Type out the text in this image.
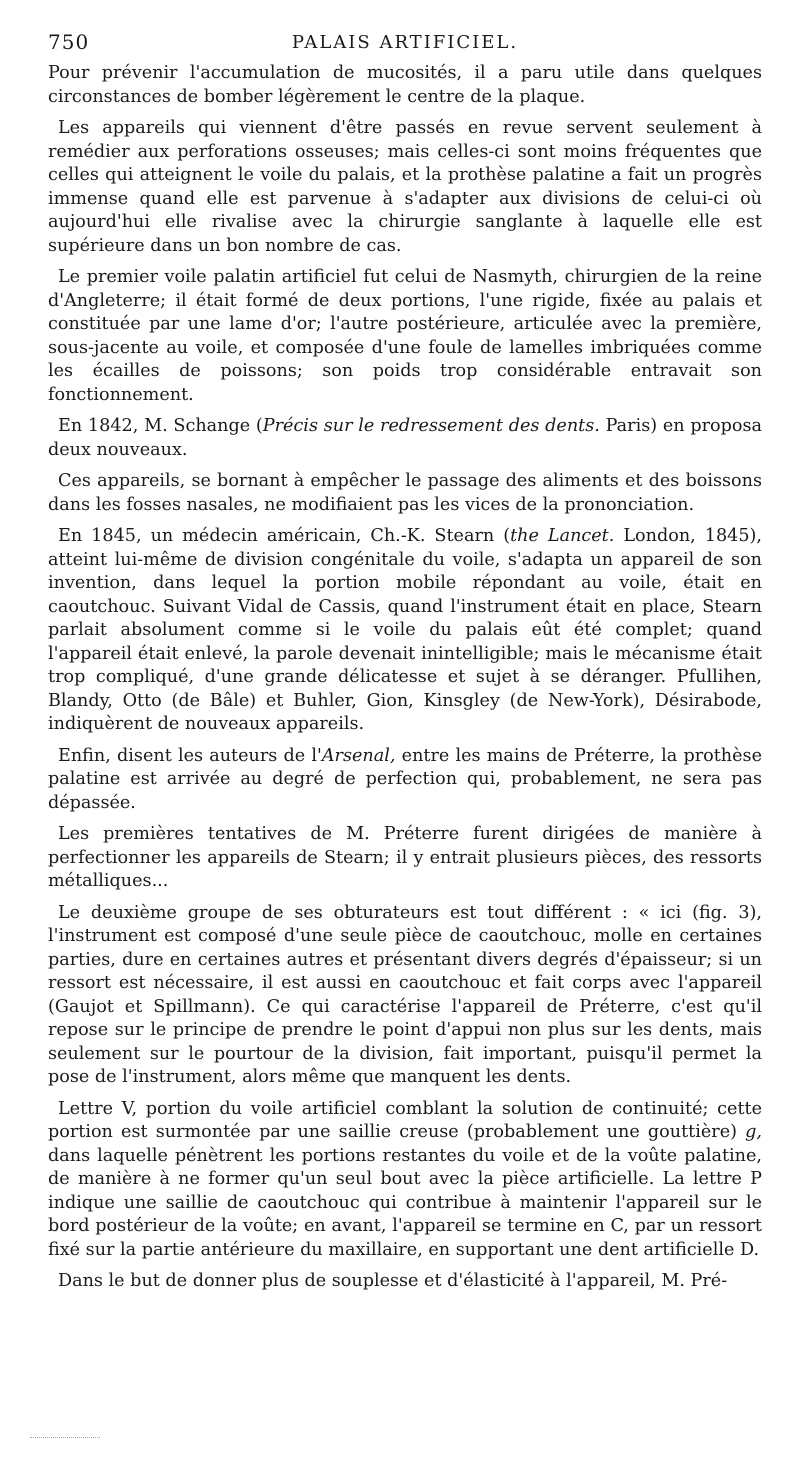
750	PALAIS ARTIFICIEL.

Pour prévenir l'accumulation de mucosités, il a paru utile dans quelques circonstances de bomber légèrement le centre de la plaque.

Les appareils qui viennent d'être passés en revue servent seulement à remédier aux perforations osseuses; mais celles-ci sont moins fréquentes que celles qui atteignent le voile du palais, et la prothèse palatine a fait un progrès immense quand elle est parvenue à s'adapter aux divisions de celui-ci où aujourd'hui elle rivalise avec la chirurgie sanglante à laquelle elle est supérieure dans un bon nombre de cas.

Le premier voile palatin artificiel fut celui de Nasmyth, chirurgien de la reine d'Angleterre; il était formé de deux portions, l'une rigide, fixée au palais et constituée par une lame d'or; l'autre postérieure, articulée avec la première, sous-jacente au voile, et composée d'une foule de lamelles imbriquées comme les écailles de poissons; son poids trop considérable entravait son fonctionnement.

En 1842, M. Schange (Précis sur le redressement des dents. Paris) en proposa deux nouveaux.

Ces appareils, se bornant à empêcher le passage des aliments et des boissons dans les fosses nasales, ne modifiaient pas les vices de la prononciation.

En 1845, un médecin américain, Ch.-K. Stearn (the Lancet. London, 1845), atteint lui-même de division congénitale du voile, s'adapta un appareil de son invention, dans lequel la portion mobile répondant au voile, était en caoutchouc. Suivant Vidal de Cassis, quand l'instrument était en place, Stearn parlait absolument comme si le voile du palais eût été complet; quand l'appareil était enlevé, la parole devenait inintelligible; mais le mécanisme était trop compliqué, d'une grande délicatesse et sujet à se déranger. Pfullihen, Blandy, Otto (de Bâle) et Buhler, Gion, Kinsgley (de New-York), Désirabode, indiquèrent de nouveaux appareils.

Enfin, disent les auteurs de l'Arsenal, entre les mains de Préterre, la prothèse palatine est arrivée au degré de perfection qui, probablement, ne sera pas dépassée.

Les premières tentatives de M. Préterre furent dirigées de manière à perfectionner les appareils de Stearn; il y entrait plusieurs pièces, des ressorts métalliques...

Le deuxième groupe de ses obturateurs est tout différent : « ici (fig. 3), l'instrument est composé d'une seule pièce de caoutchouc, molle en certaines parties, dure en certaines autres et présentant divers degrés d'épaisseur; si un ressort est nécessaire, il est aussi en caoutchouc et fait corps avec l'appareil (Gaujot et Spillmann). Ce qui caractérise l'appareil de Préterre, c'est qu'il repose sur le principe de prendre le point d'appui non plus sur les dents, mais seulement sur le pourtour de la division, fait important, puisqu'il permet la pose de l'instrument, alors même que manquent les dents.

Lettre V, portion du voile artificiel comblant la solution de continuité; cette portion est surmontée par une saillie creuse (probablement une gouttière) g, dans laquelle pénètrent les portions restantes du voile et de la voûte palatine, de manière à ne former qu'un seul bout avec la pièce artificielle. La lettre P indique une saillie de caoutchouc qui contribue à maintenir l'appareil sur le bord postérieur de la voûte; en avant, l'appareil se termine en C, par un ressort fixé sur la partie antérieure du maxillaire, en supportant une dent artificielle D.

Dans le but de donner plus de souplesse et d'élasticité à l'appareil, M. Pré-
